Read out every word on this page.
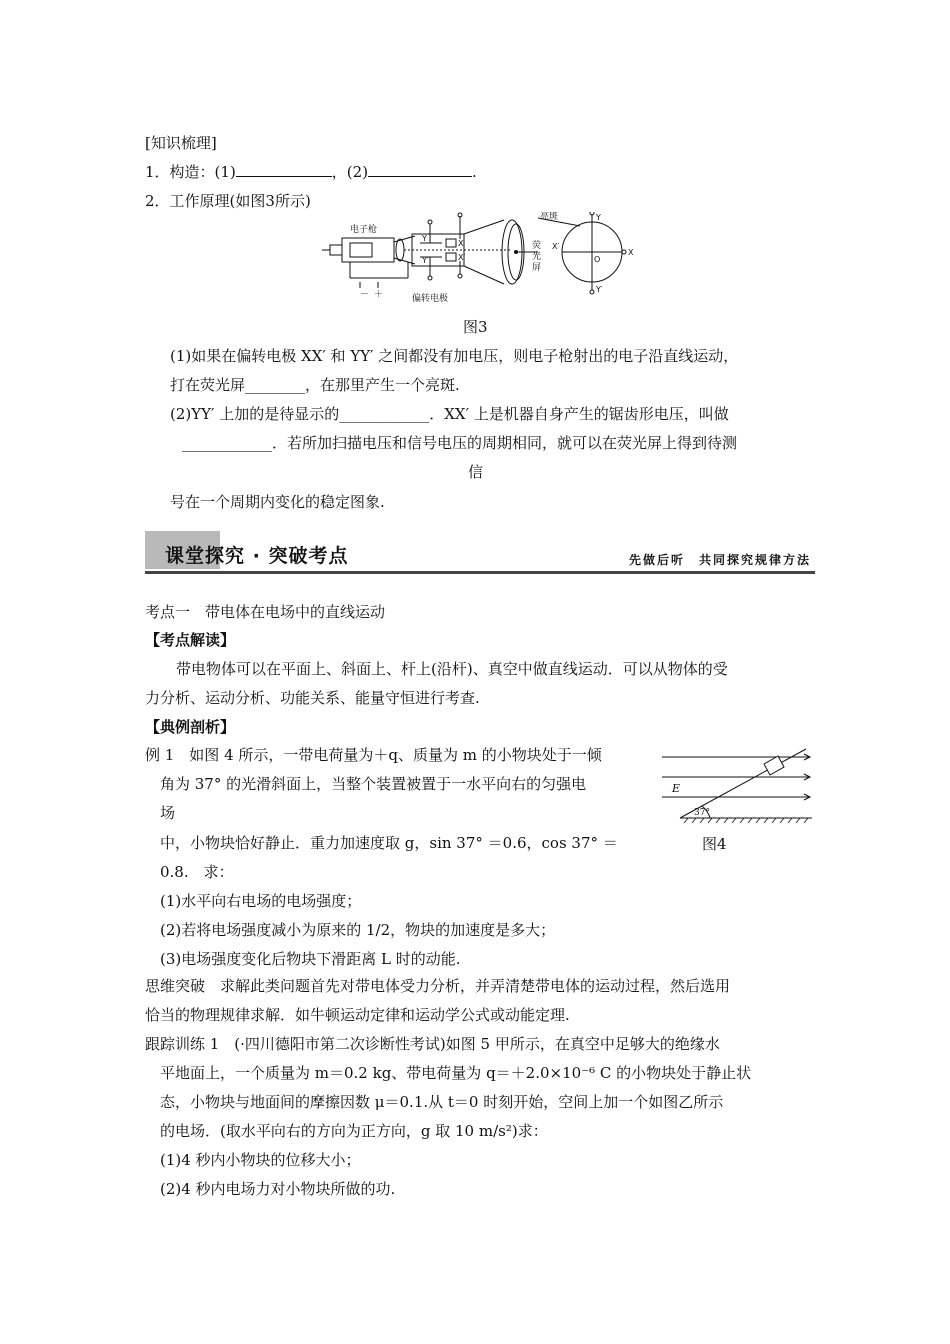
[知识梳理]
1．构造：(1)	，(2)	.
2．工作原理(如图3所示)
电子枪
亮斑
荧
光
屏
偏转电极
－ ＋
Y
Y′
X
X′
Y
Y′
X
X′
O
图3
(1)如果在偏转电极 XX′ 和 YY′ 之间都没有加电压，则电子枪射出的电子沿直线运动，
打在荧光屏________，在那里产生一个亮斑.
(2)YY′ 上加的是待显示的____________．XX′ 上是机器自身产生的锯齿形电压，叫做
____________．若所加扫描电压和信号电压的周期相同，就可以在荧光屏上得到待测
信
号在一个周期内变化的稳定图象.
课堂探究 · 突破考点	先做后听　共同探究规律方法
考点一　带电体在电场中的直线运动
【考点解读】
带电物体可以在平面上、斜面上、杆上(沿杆)、真空中做直线运动．可以从物体的受
力分析、运动分析、功能关系、能量守恒进行考查.
【典例剖析】
例 1　如图 4 所示，一带电荷量为＋q、质量为 m 的小物块处于一倾
角为 37° 的光滑斜面上，当整个装置被置于一水平向右的匀强电
场
中，小物块恰好静止．重力加速度取 g，sin 37° ＝0.6，cos 37° ＝
0.8.　求：
(1)水平向右电场的电场强度；
(2)若将电场强度减小为原来的 1/2，物块的加速度是多大；
(3)电场强度变化后物块下滑距离 L 时的动能.
E
37°
图4
思维突破　求解此类问题首先对带电体受力分析，并弄清楚带电体的运动过程，然后选用
恰当的物理规律求解．如牛顿运动定律和运动学公式或动能定理.
跟踪训练 1　(·四川德阳市第二次诊断性考试)如图 5 甲所示，在真空中足够大的绝缘水
平地面上，一个质量为 m＝0.2 kg、带电荷量为 q＝＋2.0×10⁻⁶ C 的小物块处于静止状
态，小物块与地面间的摩擦因数 μ＝0.1.从 t＝0 时刻开始，空间上加一个如图乙所示
的电场．(取水平向右的方向为正方向，g 取 10 m/s²)求：
(1)4 秒内小物块的位移大小；
(2)4 秒内电场力对小物块所做的功.
